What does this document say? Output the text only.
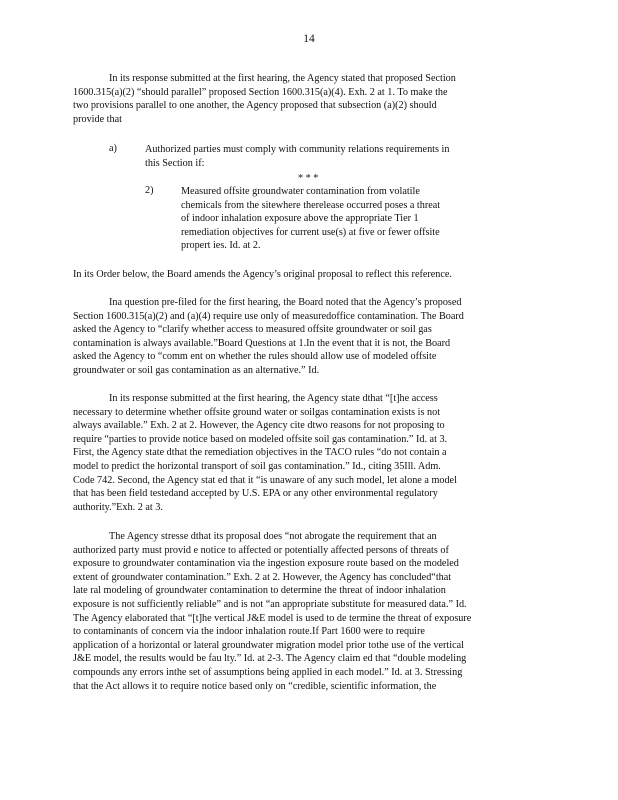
14

In its response submitted at the first hearing, the Agency stated that proposed Section

1600.315(a)(2) “should parallel” proposed Section 1600.315(a)(4). Exh. 2 at 1. To make the

two provisions parallel to one another, the Agency proposed that subsection (a)(2) should

provide that

a)	Authorized parties must comply with community relations requirements in

this Section if:

* * *
2)	Measured offsite groundwater contamination from volatile

chemicals from the sitewhere therelease occurred poses a threat

of indoor inhalation exposure above the appropriate Tier 1

remediation objectives for current use(s) at five or fewer offsite

propert ies. Id. at 2.

In its Order below, the Board amends the Agency’s original proposal to reflect this reference.

Ina question pre-filed for the first hearing, the Board noted that the Agency’s proposed

Section 1600.315(a)(2) and (a)(4) require use only of measuredoffice contamination. The Board

asked the Agency to “clarify whether access to measured offsite groundwater or soil gas

contamination is always available.”Board Questions at 1.In the event that it is not, the Board

asked the Agency to “comm ent on whether the rules should allow use of modeled offsite

groundwater or soil gas contamination as an alternative.” Id.

In its response submitted at the first hearing, the Agency state dthat “[t]he access

necessary to determine whether offsite ground water or soilgas contamination exists is not

always available.” Exh. 2 at 2. However, the Agency cite dtwo reasons for not proposing to

require “parties to provide notice based on modeled offsite soil gas contamination.” Id. at 3.

First, the Agency state dthat the remediation objectives in the TACO rules “do not contain a

model to predict the horizontal transport of soil gas contamination.” Id., citing 35Ill. Adm.

Code 742. Second, the Agency stat ed that it “is unaware of any such model, let alone a model

that has been field testedand accepted by U.S. EPA or any other environmental regulatory

authority.”Exh. 2 at 3.

The Agency stresse dthat its proposal does “not abrogate the requirement that an

authorized party must provid e notice to affected or potentially affected persons of threats of

exposure to groundwater contamination via the ingestion exposure route based on the modeled

extent of groundwater contamination.” Exh. 2 at 2. However, the Agency has concluded“that

late ral modeling of groundwater contamination to determine the threat of indoor inhalation

exposure is not sufficiently reliable” and is not “an appropriate substitute for measured data.” Id.

The Agency elaborated that “[t]he vertical J&E model is used to de termine the threat of exposure

to contaminants of concern via the indoor inhalation route.If Part 1600 were to require

application of a horizontal or lateral groundwater migration model prior tothe use of the vertical

J&E model, the results would be fau lty.” Id. at 2-3. The Agency claim ed that “double modeling

compounds any errors inthe set of assumptions being applied in each model.” Id. at 3. Stressing

that the Act allows it to require notice based only on “credible, scientific information, the
